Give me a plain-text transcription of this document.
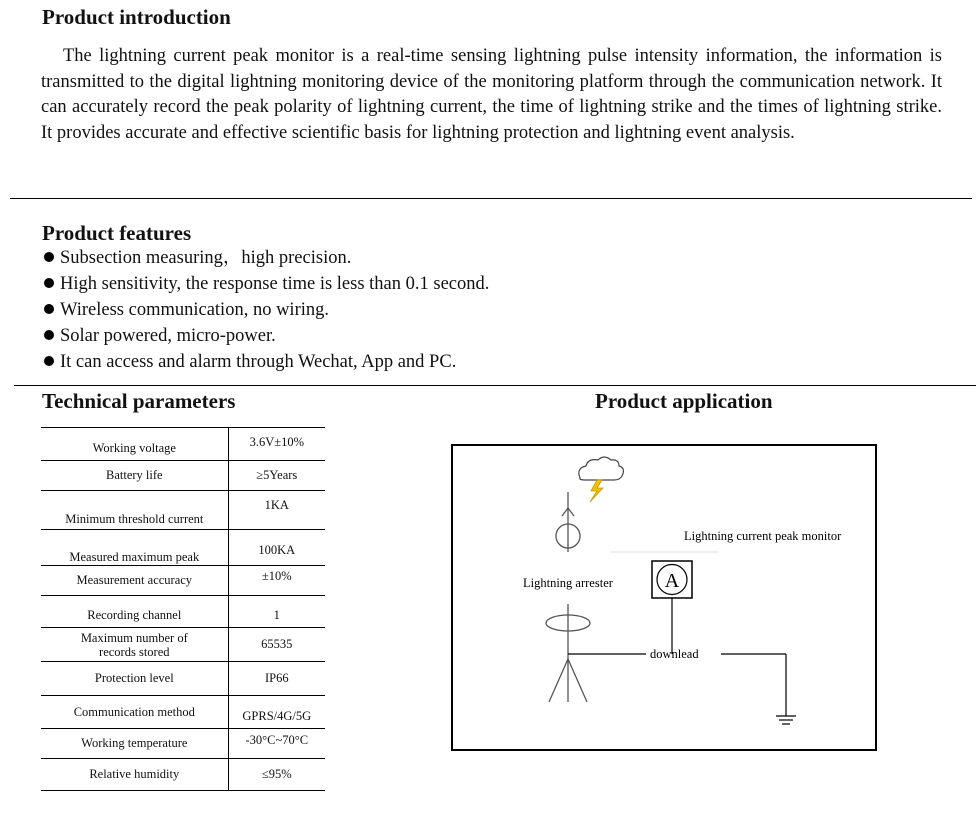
Product introduction

The lightning current peak monitor is a real-time sensing lightning pulse intensity information, the information is transmitted to the digital lightning monitoring device of the monitoring platform through the communication network. It can accurately record the peak polarity of lightning current, the time of lightning strike and the times of lightning strike. It provides accurate and effective scientific basis for lightning protection and lightning event analysis.

Product features
Subsection measuring，high precision.
High sensitivity, the response time is less than 0.1 second.
Wireless communication, no wiring.
Solar powered, micro-power.
It can access and alarm through Wechat, App and PC.
Technical parameters	Product application
Working voltage	3.6V±10%
Battery life	≥5Years
Minimum threshold current	1KA
Measured maximum peak	100KA
Measurement accuracy	±10%
Recording channel	1
Maximum number of records stored	65535
Protection level	IP66
Communication method	GPRS/4G/5G
Working temperature	-30°C~70°C
Relative humidity	≤95%
A
Lightning current peak monitor
Lightning arrester
downlead
